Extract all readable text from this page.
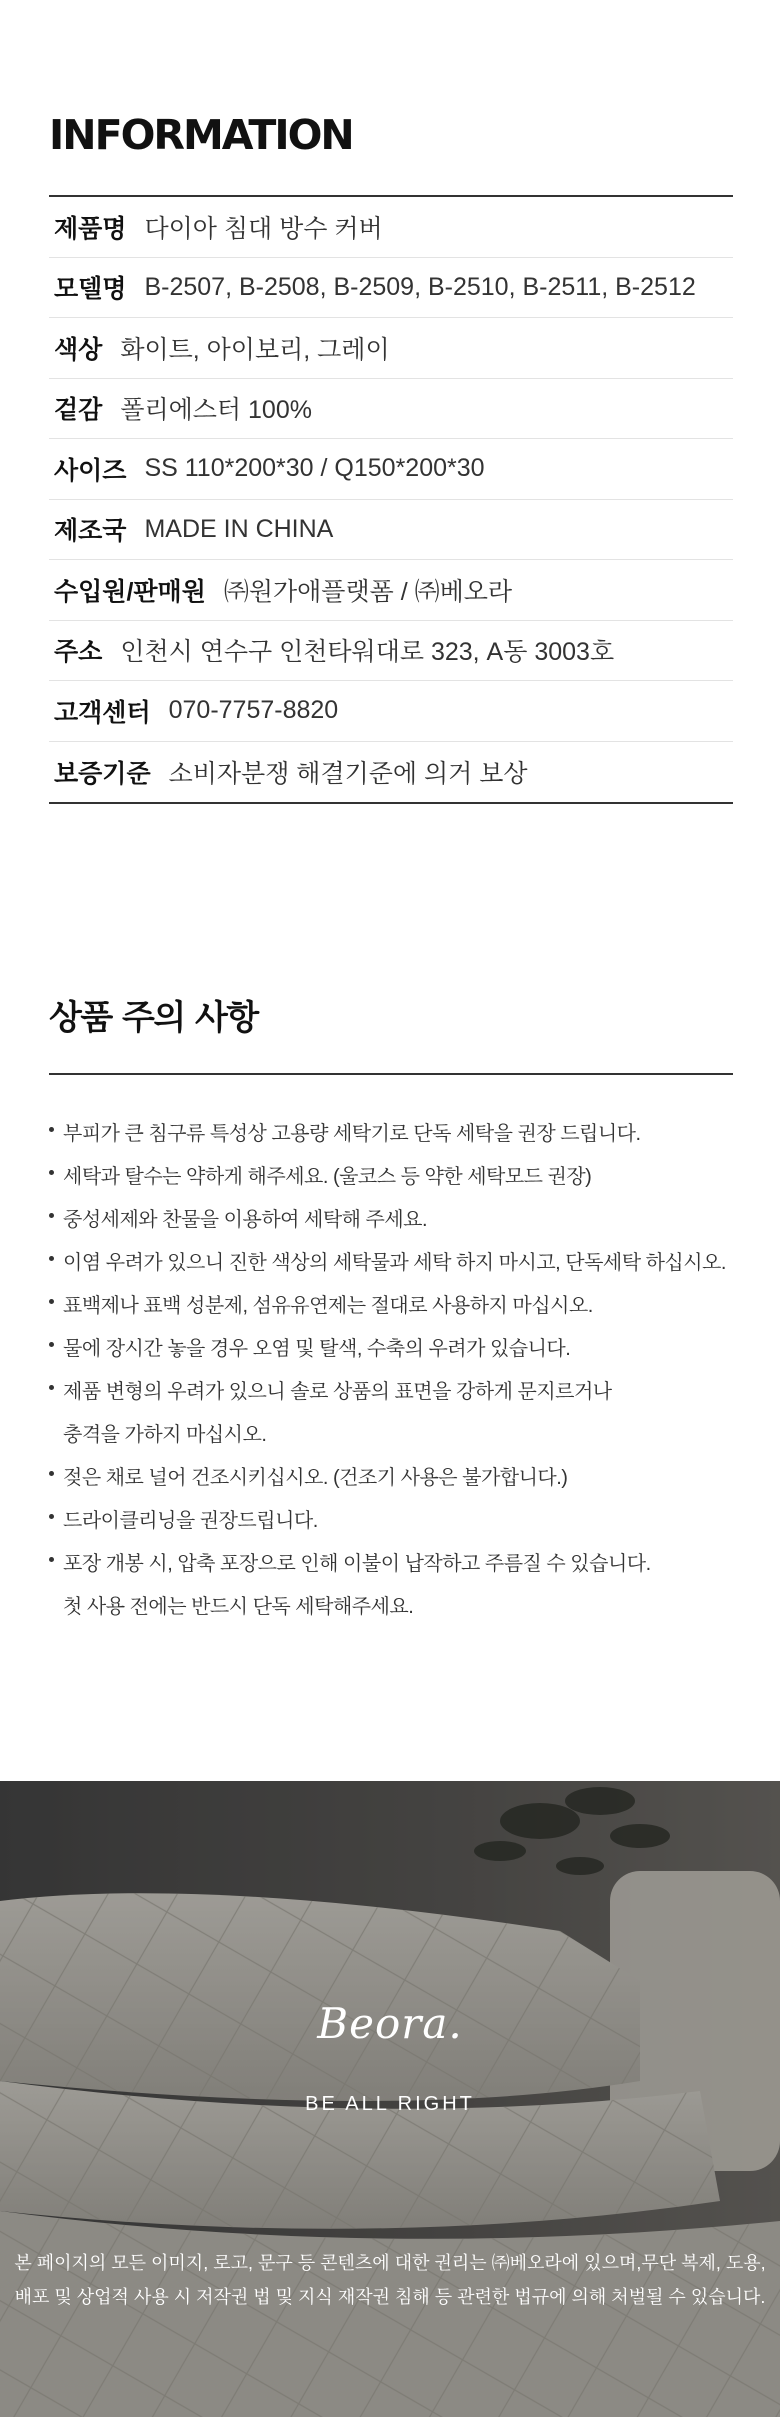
INFORMATION
제품명 다이아 침대 방수 커버
모델명 B-2507, B-2508, B-2509, B-2510, B-2511, B-2512
색상 화이트, 아이보리, 그레이
겉감 폴리에스터 100%
사이즈 SS 110*200*30 / Q150*200*30
제조국 MADE IN CHINA
수입원/판매원 ㈜원가애플랫폼 / ㈜베오라
주소 인천시 연수구 인천타워대로 323, A동 3003호
고객센터 070-7757-8820
보증기준 소비자분쟁 해결기준에 의거 보상
상품 주의 사항
부피가 큰 침구류 특성상 고용량 세탁기로 단독 세탁을 권장 드립니다.
세탁과 탈수는 약하게 해주세요. (울코스 등 약한 세탁모드 권장)
중성세제와 찬물을 이용하여 세탁해 주세요.
이염 우려가 있으니 진한 색상의 세탁물과 세탁 하지 마시고, 단독세탁 하십시오.
표백제나 표백 성분제, 섬유유연제는 절대로 사용하지 마십시오.
물에 장시간 놓을 경우 오염 및 탈색, 수축의 우려가 있습니다.
제품 변형의 우려가 있으니 솔로 상품의 표면을 강하게 문지르거나
충격을 가하지 마십시오.
젖은 채로 널어 건조시키십시오. (건조기 사용은 불가합니다.)
드라이클리닝을 권장드립니다.
포장 개봉 시, 압축 포장으로 인해 이불이 납작하고 주름질 수 있습니다.
첫 사용 전에는 반드시 단독 세탁해주세요.
Beora.
BE ALL RIGHT
본 페이지의 모든 이미지, 로고, 문구 등 콘텐츠에 대한 권리는 ㈜베오라에 있으며,무단 복제, 도용,
배포 및 상업적 사용 시 저작권 법 및 지식 재작권 침해 등 관련한 법규에 의해 처벌될 수 있습니다.
